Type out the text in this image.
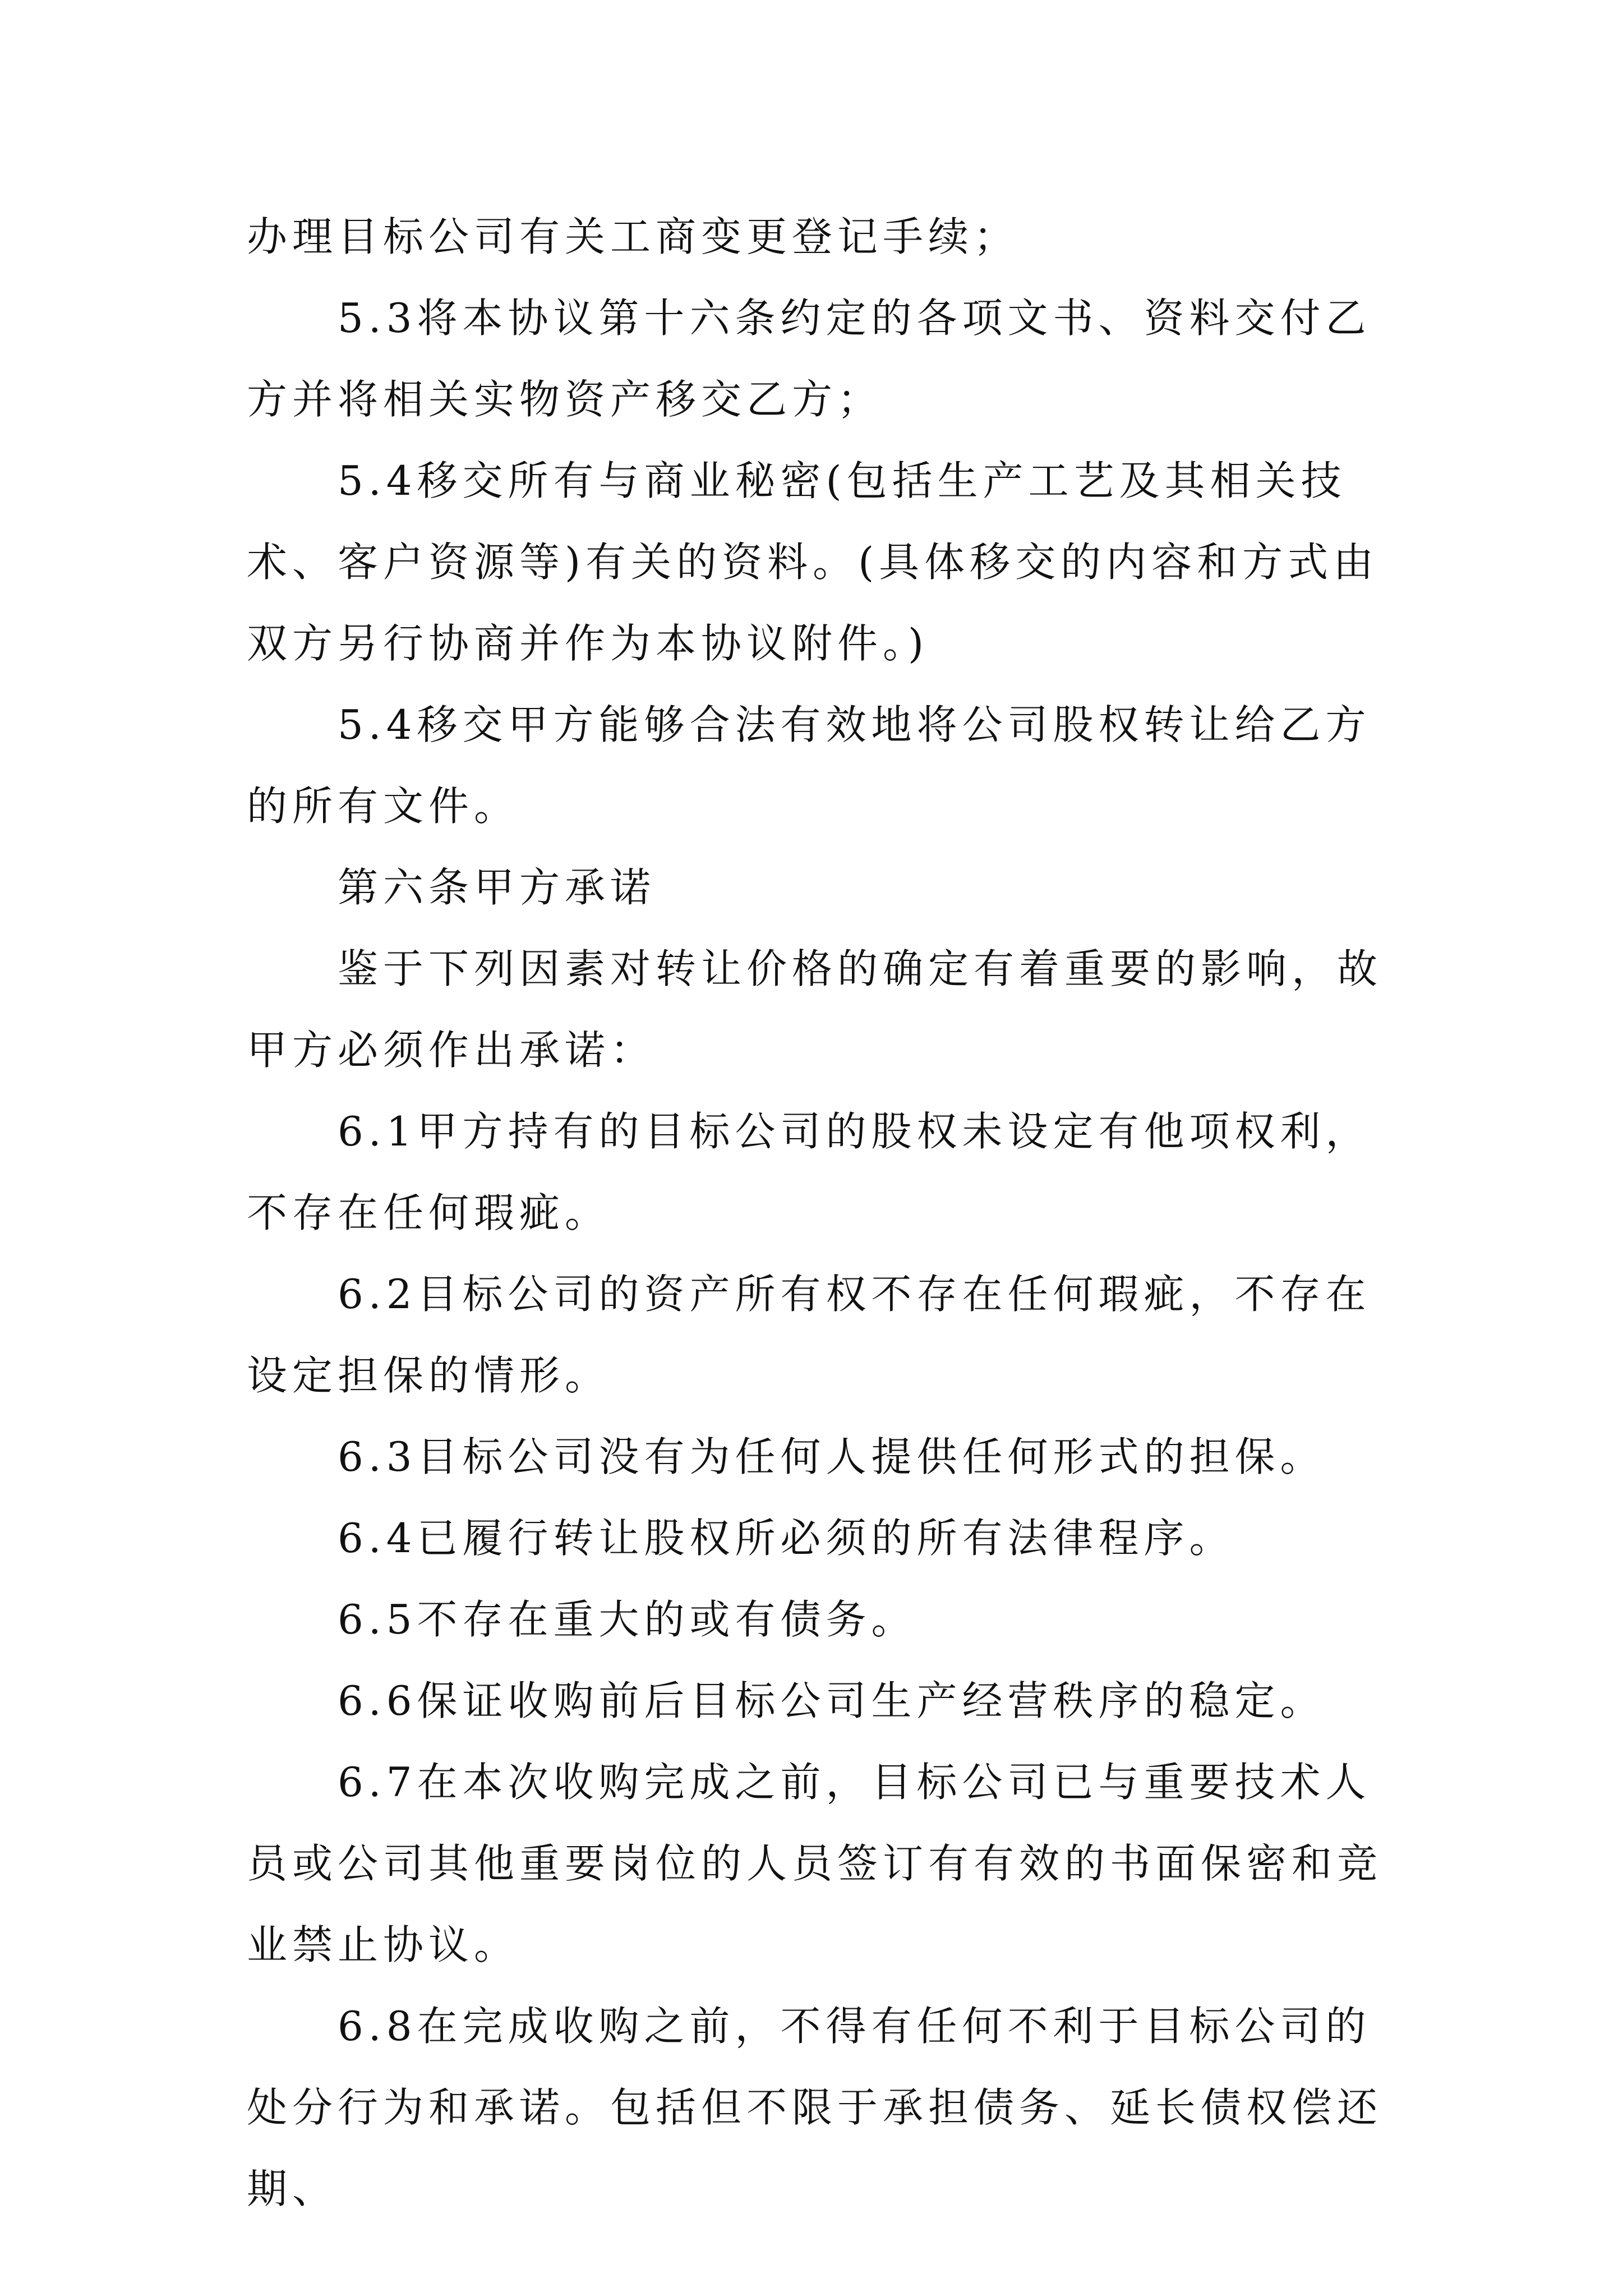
办理目标公司有关工商变更登记手续；

5.3将本协议第十六条约定的各项文书、资料交付乙方并将相关实物资产移交乙方；

5.4移交所有与商业秘密(包括生产工艺及其相关技术、客户资源等)有关的资料。(具体移交的内容和方式由双方另行协商并作为本协议附件。)

5.4移交甲方能够合法有效地将公司股权转让给乙方的所有文件。

第六条甲方承诺

鉴于下列因素对转让价格的确定有着重要的影响，故甲方必须作出承诺：

6.1甲方持有的目标公司的股权未设定有他项权利，不存在任何瑕疵。

6.2目标公司的资产所有权不存在任何瑕疵，不存在设定担保的情形。

6.3目标公司没有为任何人提供任何形式的担保。

6.4已履行转让股权所必须的所有法律程序。

6.5不存在重大的或有债务。

6.6保证收购前后目标公司生产经营秩序的稳定。

6.7在本次收购完成之前，目标公司已与重要技术人员或公司其他重要岗位的人员签订有有效的书面保密和竞业禁止协议。

6.8在完成收购之前，不得有任何不利于目标公司的处分行为和承诺。包括但不限于承担债务、延长债权偿还期、
